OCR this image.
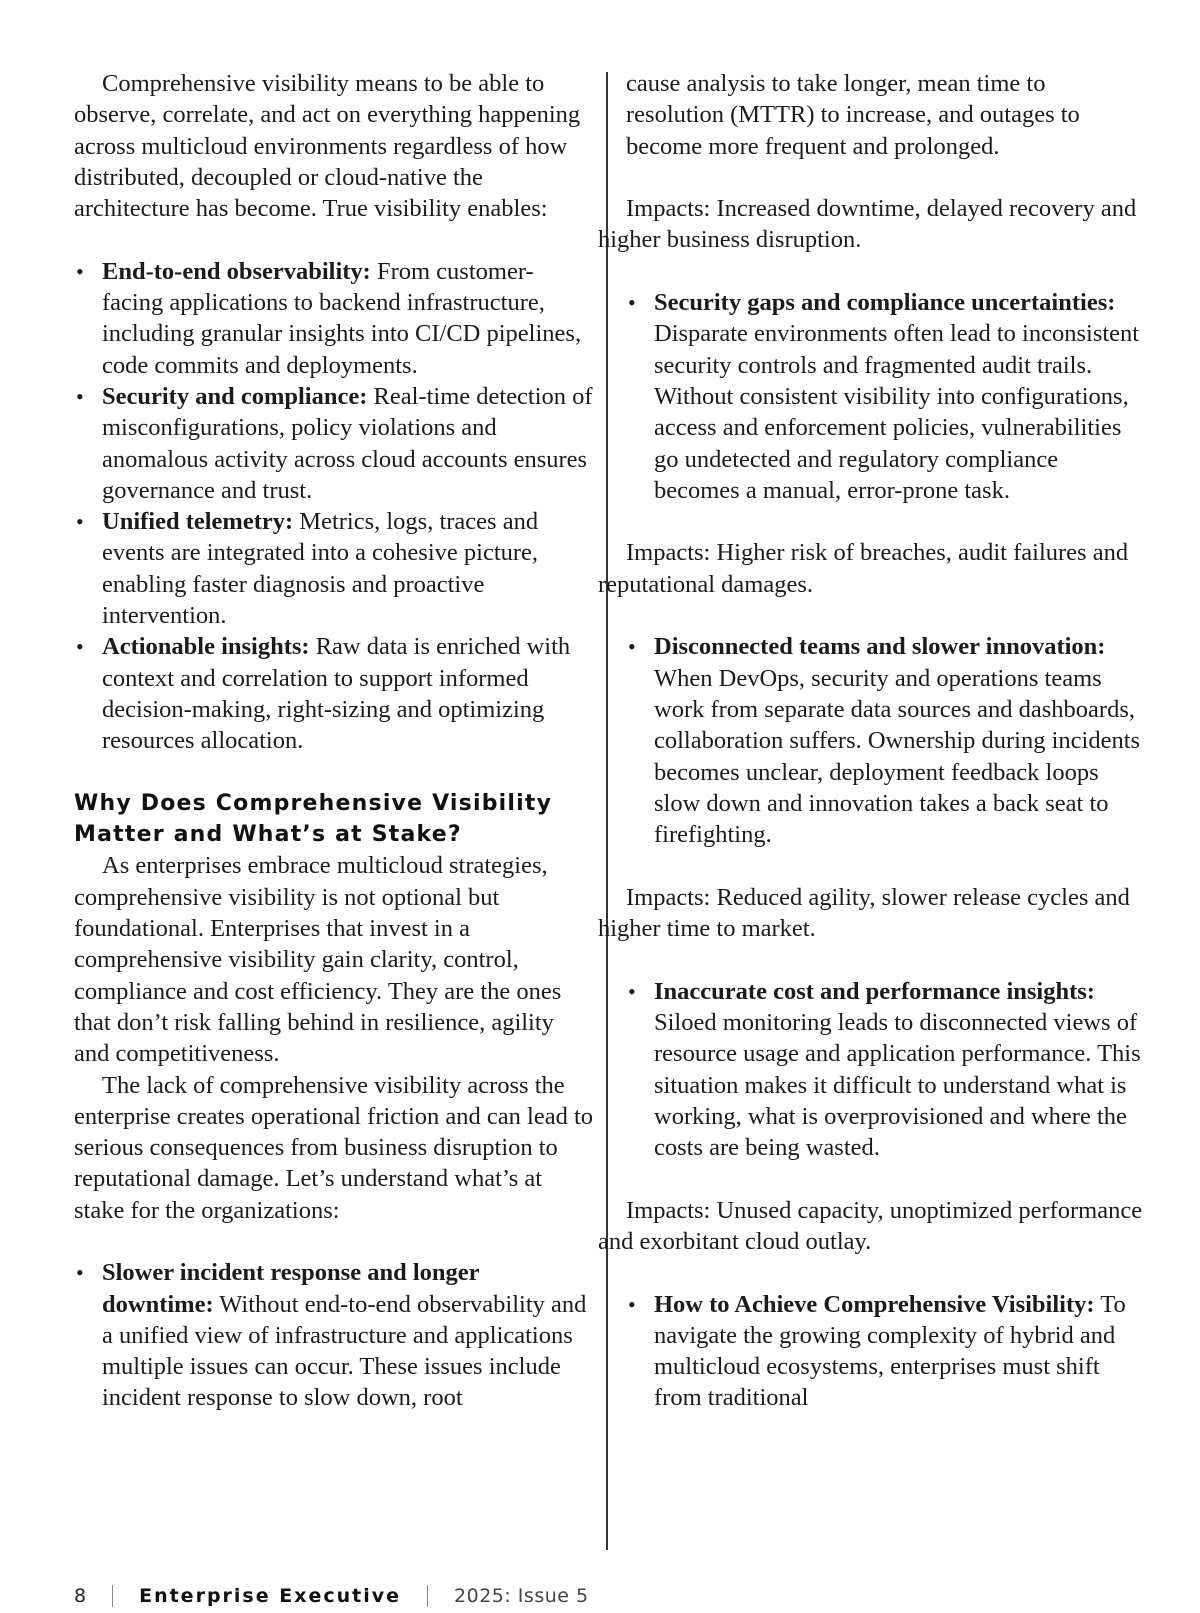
Comprehensive visibility means to be able to observe, correlate, and act on everything happening across multicloud environments regardless of how distributed, decoupled or cloud-native the architecture has become. True visibility enables:

• End-to-end observability: From customer-facing applications to backend infrastructure, including granular insights into CI/CD pipelines, code commits and deployments.
• Security and compliance: Real-time detection of misconfigurations, policy violations and anomalous activity across cloud accounts ensures governance and trust.
• Unified telemetry: Metrics, logs, traces and events are integrated into a cohesive picture, enabling faster diagnosis and proactive intervention.
• Actionable insights: Raw data is enriched with context and correlation to support informed decision-making, right-sizing and optimizing resources allocation.
Why Does Comprehensive Visibility Matter and What’s at Stake?

As enterprises embrace multicloud strategies, comprehensive visibility is not optional but foundational. Enterprises that invest in a comprehensive visibility gain clarity, control, compliance and cost efficiency. They are the ones that don’t risk falling behind in resilience, agility and competitiveness.

The lack of comprehensive visibility across the enterprise creates operational friction and can lead to serious consequences from business disruption to reputational damage. Let’s understand what’s at stake for the organizations:

• Slower incident response and longer downtime: Without end-to-end observability and a unified view of infrastructure and applications multiple issues can occur. These issues include incident response to slow down, root

cause analysis to take longer, mean time to resolution (MTTR) to increase, and outages to become more frequent and prolonged.

Impacts: Increased downtime, delayed recovery and higher business disruption.

• Security gaps and compliance uncertainties: Disparate environments often lead to inconsistent security controls and fragmented audit trails. Without consistent visibility into configurations, access and enforcement policies, vulnerabilities go undetected and regulatory compliance becomes a manual, error-prone task.

Impacts: Higher risk of breaches, audit failures and reputational damages.

• Disconnected teams and slower innovation: When DevOps, security and operations teams work from separate data sources and dashboards, collaboration suffers. Ownership during incidents becomes unclear, deployment feedback loops slow down and innovation takes a back seat to firefighting.

Impacts: Reduced agility, slower release cycles and higher time to market.

• Inaccurate cost and performance insights: Siloed monitoring leads to disconnected views of resource usage and application performance. This situation makes it difficult to understand what is working, what is overprovisioned and where the costs are being wasted.

Impacts: Unused capacity, unoptimized performance and exorbitant cloud outlay.

• How to Achieve Comprehensive Visibility: To navigate the growing complexity of hybrid and multicloud ecosystems, enterprises must shift from traditional
8	Enterprise Executive	2025: Issue 5
